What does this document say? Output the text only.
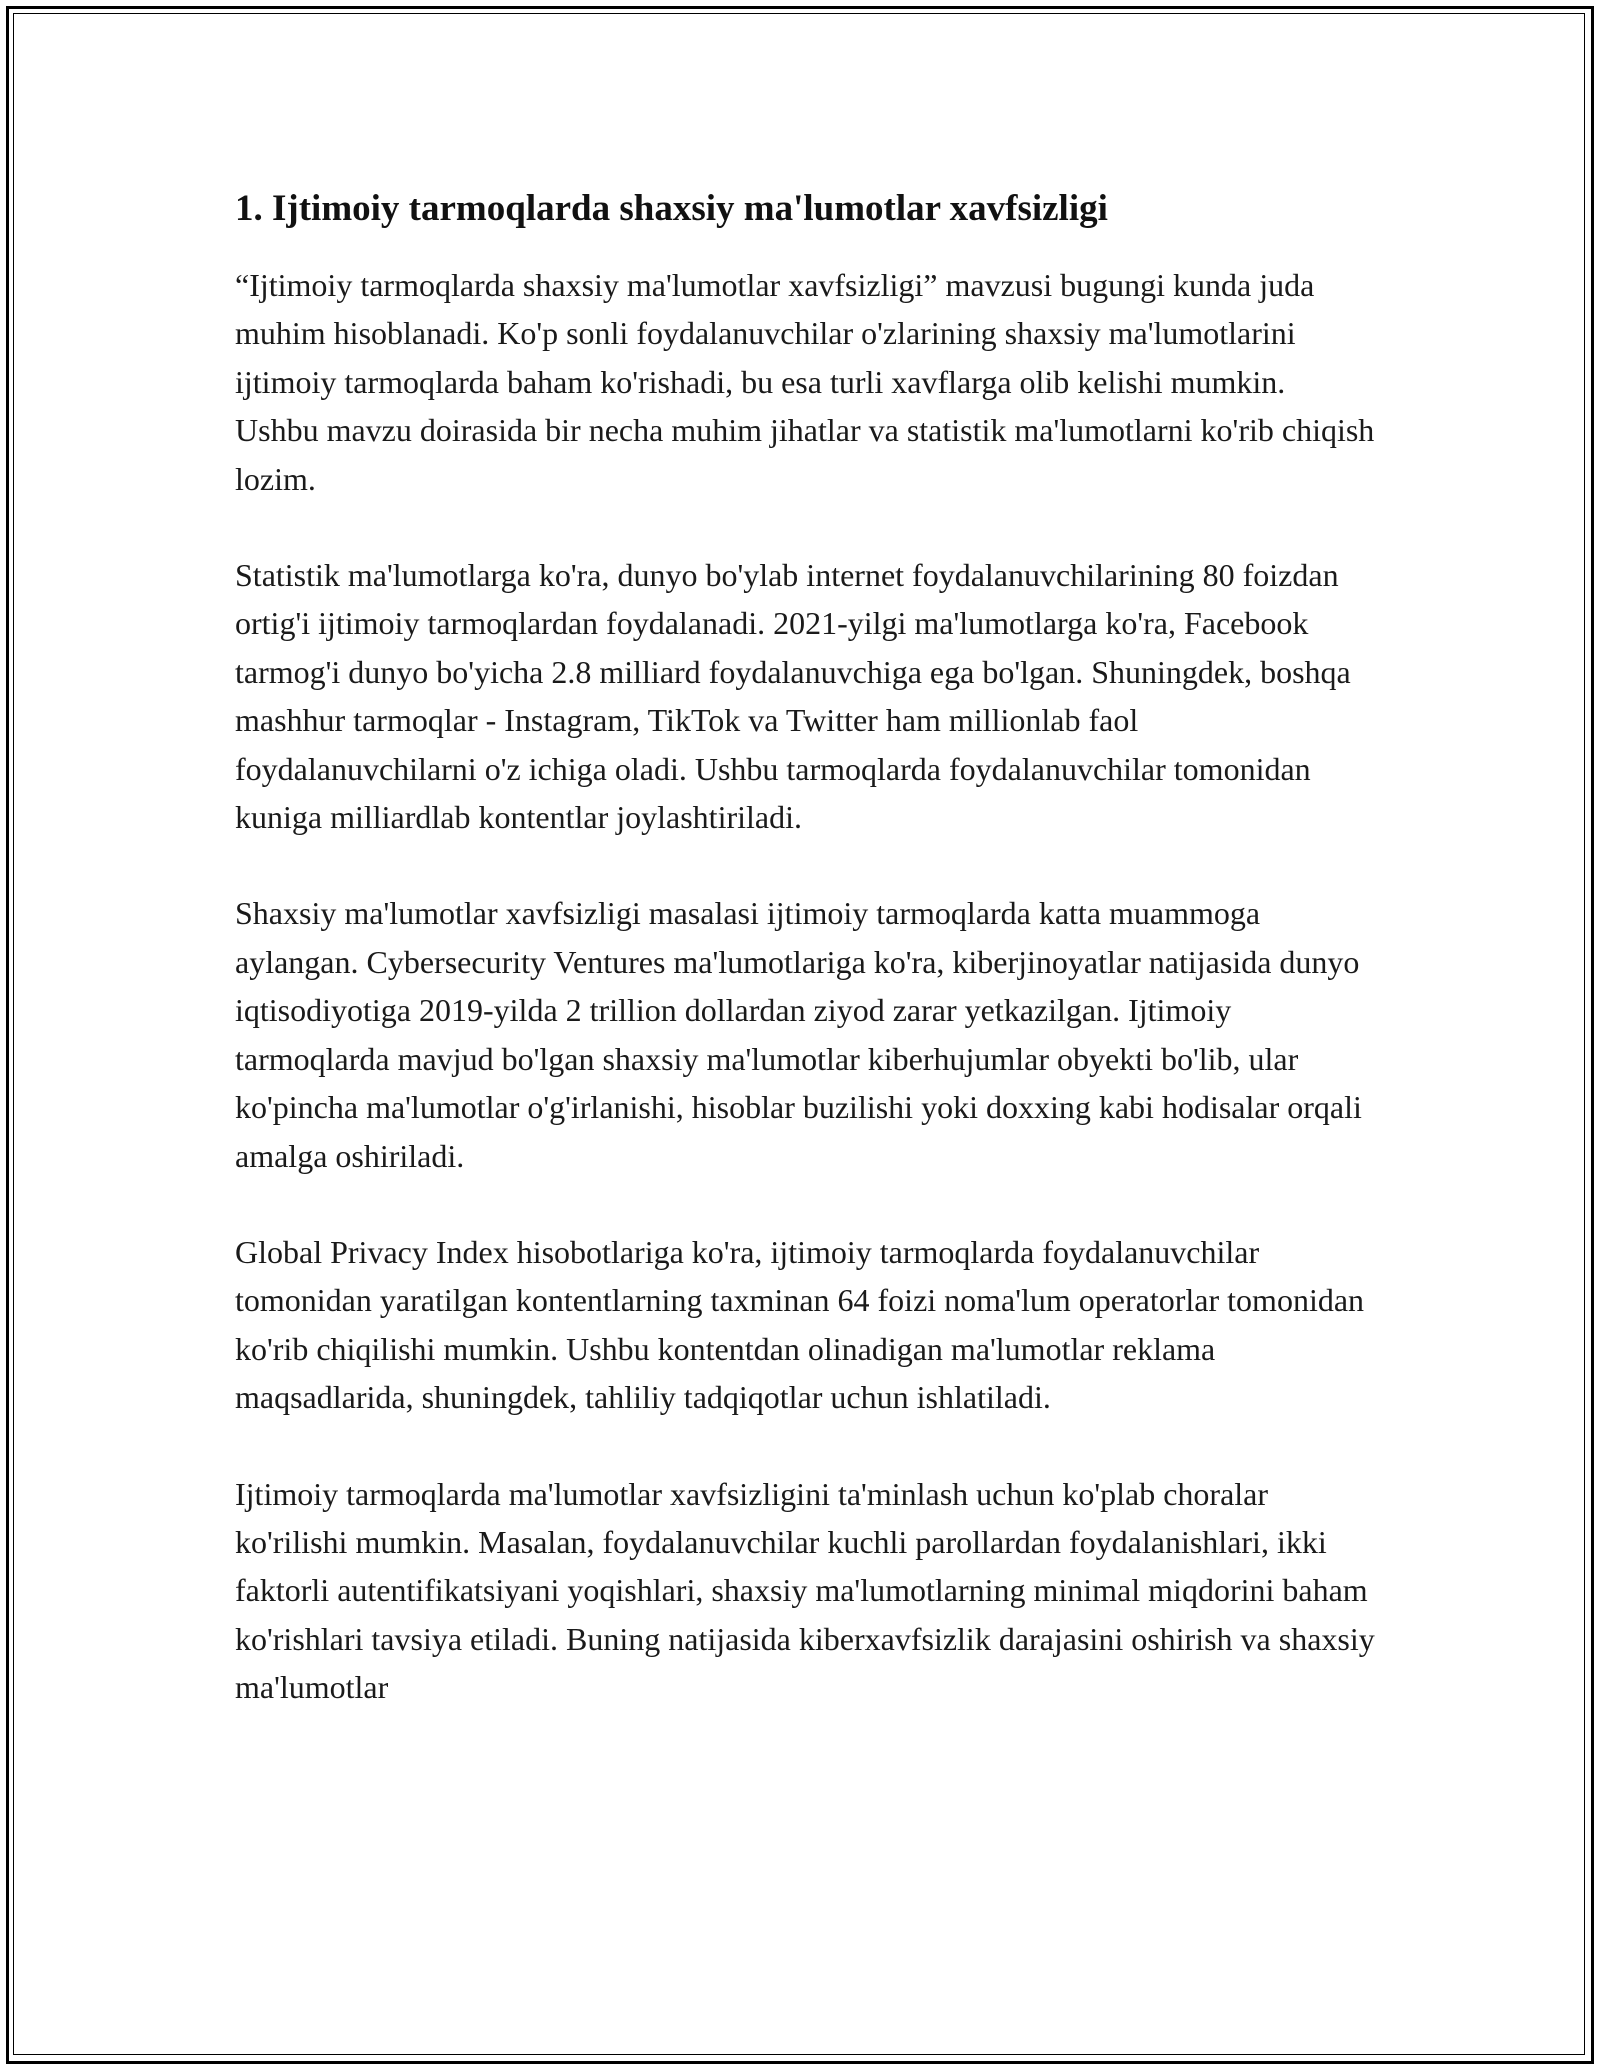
1. Ijtimoiy tarmoqlarda shaxsiy ma'lumotlar xavfsizligi

“Ijtimoiy tarmoqlarda shaxsiy ma'lumotlar xavfsizligi” mavzusi bugungi kunda juda muhim hisoblanadi. Ko'p sonli foydalanuvchilar o'zlarining shaxsiy ma'lumotlarini ijtimoiy tarmoqlarda baham ko'rishadi, bu esa turli xavflarga olib kelishi mumkin. Ushbu mavzu doirasida bir necha muhim jihatlar va statistik ma'lumotlarni ko'rib chiqish lozim.

Statistik ma'lumotlarga ko'ra, dunyo bo'ylab internet foydalanuvchilarining 80 foizdan ortig'i ijtimoiy tarmoqlardan foydalanadi. 2021-yilgi ma'lumotlarga ko'ra, Facebook tarmog'i dunyo bo'yicha 2.8 milliard foydalanuvchiga ega bo'lgan. Shuningdek, boshqa mashhur tarmoqlar - Instagram, TikTok va Twitter ham millionlab faol foydalanuvchilarni o'z ichiga oladi. Ushbu tarmoqlarda foydalanuvchilar tomonidan kuniga milliardlab kontentlar joylashtiriladi.

Shaxsiy ma'lumotlar xavfsizligi masalasi ijtimoiy tarmoqlarda katta muammoga aylangan. Cybersecurity Ventures ma'lumotlariga ko'ra, kiberjinoyatlar natijasida dunyo iqtisodiyotiga 2019-yilda 2 trillion dollardan ziyod zarar yetkazilgan. Ijtimoiy tarmoqlarda mavjud bo'lgan shaxsiy ma'lumotlar kiberhujumlar obyekti bo'lib, ular ko'pincha ma'lumotlar o'g'irlanishi, hisoblar buzilishi yoki doxxing kabi hodisalar orqali amalga oshiriladi.

Global Privacy Index hisobotlariga ko'ra, ijtimoiy tarmoqlarda foydalanuvchilar tomonidan yaratilgan kontentlarning taxminan 64 foizi noma'lum operatorlar tomonidan ko'rib chiqilishi mumkin. Ushbu kontentdan olinadigan ma'lumotlar reklama maqsadlarida, shuningdek, tahliliy tadqiqotlar uchun ishlatiladi.

Ijtimoiy tarmoqlarda ma'lumotlar xavfsizligini ta'minlash uchun ko'plab choralar ko'rilishi mumkin. Masalan, foydalanuvchilar kuchli parollardan foydalanishlari, ikki faktorli autentifikatsiyani yoqishlari, shaxsiy ma'lumotlarning minimal miqdorini baham ko'rishlari tavsiya etiladi. Buning natijasida kiberxavfsizlik darajasini oshirish va shaxsiy ma'lumotlar
